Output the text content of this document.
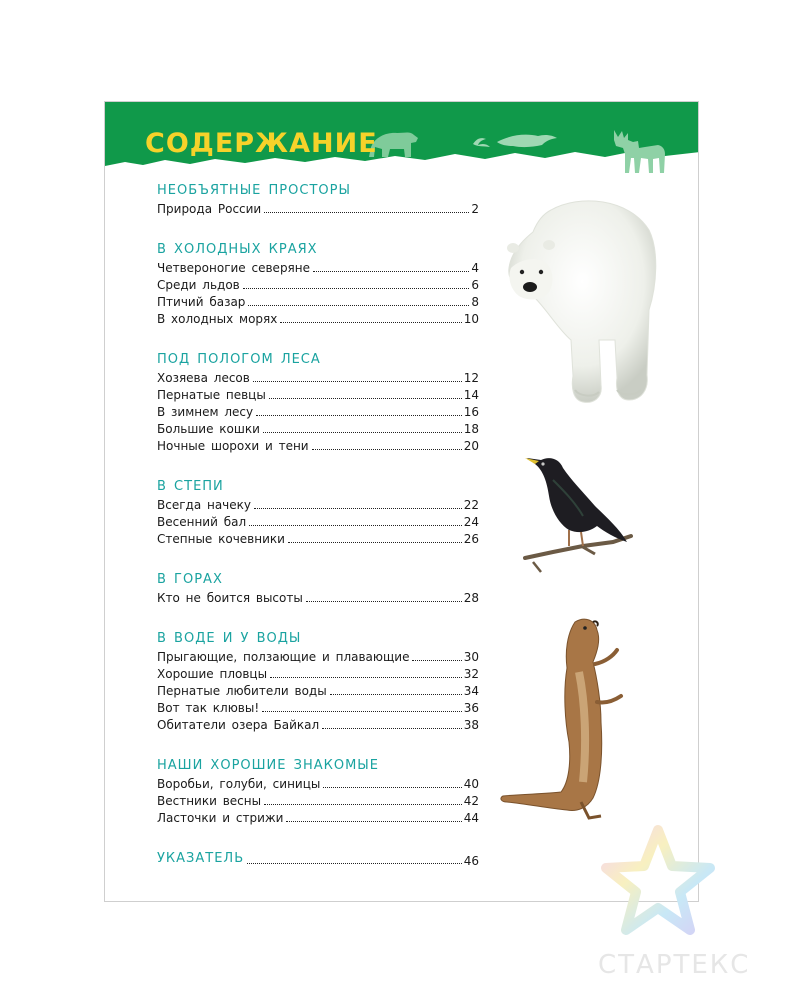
СОДЕРЖАНИЕ
НЕОБЪЯТНЫЕ ПРОСТОРЫ
Природа России	2
В ХОЛОДНЫХ КРАЯХ
Четвероногие северяне	4
Среди льдов	6
Птичий базар	8
В холодных морях	10
ПОД ПОЛОГОМ ЛЕСА
Хозяева лесов	12
Пернатые певцы	14
В зимнем лесу	16
Большие кошки	18
Ночные шорохи и тени	20
В СТЕПИ
Всегда начеку	22
Весенний бал	24
Степные кочевники	26
В ГОРАХ
Кто не боится высоты	28
В ВОДЕ И У ВОДЫ
Прыгающие, ползающие и плавающие	30
Хорошие пловцы	32
Пернатые любители воды	34
Вот так клювы!	36
Обитатели озера Байкал	38
НАШИ ХОРОШИЕ ЗНАКОМЫЕ
Воробьи, голуби, синицы	40
Вестники весны	42
Ласточки и стрижи	44
УКАЗАТЕЛЬ	46
СТАРТЕКС
